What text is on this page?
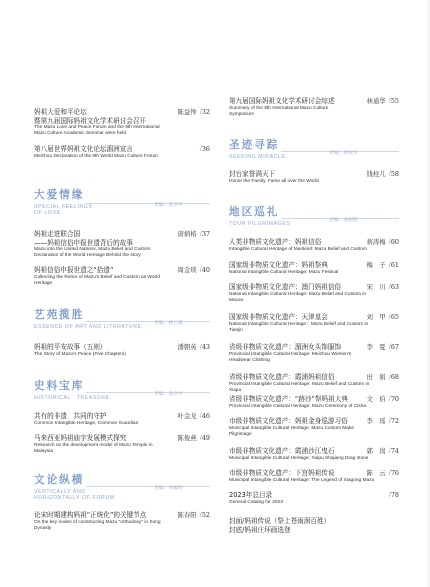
妈祖大爱和平论坛
暨第九届国际妈祖文化学术研讨会召开
The Mazu Love and Peace Forum and the 9th International Mazu Culture Academic Seminar were held
陈益钟 /32
第八届世界妈祖文化论坛湄洲宣言
Meizhou Declaration of the 8th World Mazu Culture Forum
/36
大爱情缘
责编：翁卫平
SPECIAL FEELINGS
OF LOVE
妈祖走进联合国
——妈祖信俗申报世遗背后的故事
Mazu into the United Nations, Mazu Belief and Custom Declaration of the World Heritage Behind the story
唐炳椿 /37
妈祖信俗申报世遗之“拾遗”
Collecting the Relics of Mazu's Belief and Custom as World Heritage
周金琰 /40
艺苑揽胜
责编：杨云娥
ESSENCE OF ART AND LITERATURE
妈祖的平安故事（五则）
The Story of Mazu's Peace (Five Chapters)
潘朝英 /43
史料宝库
责编：翁卫平
HISTORICAL　TREASURE
共有的非遗　共同的守护
Common Intangible Heritage, Common Guardian
叶金龙 /46
马来西亚妈祖庙宇发展模式探究
Research on the development model of Mazu Temple in Malaysia
陈俊燕 /49
文论纵横
责编：刘福铸
VERTICALLY AND
HORIZONTALLY OF FORUM
论宋时期建构妈祖“正统化”的关键节点
On the key nodes of constructing Mazu "orthodoxy" in Song Dynasty
陈春阳 /52
第九届国际妈祖文化学术研讨会综述
Summary of the 9th International Mazu Culture Symposium
林通华 /55
圣迹寻踪
责编：唐丽华
SEEKING MIRACLE
封台家誉满天下
Honor the Family, Fame all over the World
钱柱儿 /58
地区巡礼
责编：刘福铸
TOUR PILGRIMAGES
人类非物质文化遗产：妈祖信俗
Intangible Cultural Heritage of Mankind: Mazu Belief and Custom
蒋涛梅 /60
国家级非物质文化遗产：妈祖祭典
National Intangible Cultural Heritage: Mazu Festival
梅　子 /61
国家级非物质文化遗产：澳门妈祖信俗
National Intangible Cultural Heritage: Mazu Belief and Custom in Macao
宋　川 /63
国家级非物质文化遗产：天津皇会
National Intangible Cultural Heritage：Mazu Belief and Custom in Tianjin
刘　甲 /65
省级非物质文化遗产：湄洲女头饰服饰
Provincial Intangible Cultural Heritage: Meizhou Women's Headwear Clothing
李　夏 /67
省级非物质文化遗产：霞浦妈祖信俗
Provincial Intangible Cultural Heritage: Mazu Belief and Custom in Xiapu
田　娟 /68
省级非物质文化遗产：“跡沙”祭妈祖大典
Provincial Intangible Cultural Heritage: Mazu Ceremony of Cisha
文　伯 /70
市级非物质文化遗产：妈祖金身巡游习俗
Municipal Intangible Cultural Heritage: Mazu Custom Make Pilgrimage
李　瑶 /72
市级非物质文化遗产：霞浦沙江曳石
Municipal Intangible Cultural Heritage: Xiapu Shajiang Drag stone
郭　岗 /74
市级非物质文化遗产：下宫妈祖传说
Municipal Intangible Cultural Heritage: The Legend of Xiagong Mazu
陈　云 /76
2023年总目录
General Catalog for 2023
/78
封面/妈祖传说（祭上苍雨润百姓）
封底/妈祖庄环画选登
